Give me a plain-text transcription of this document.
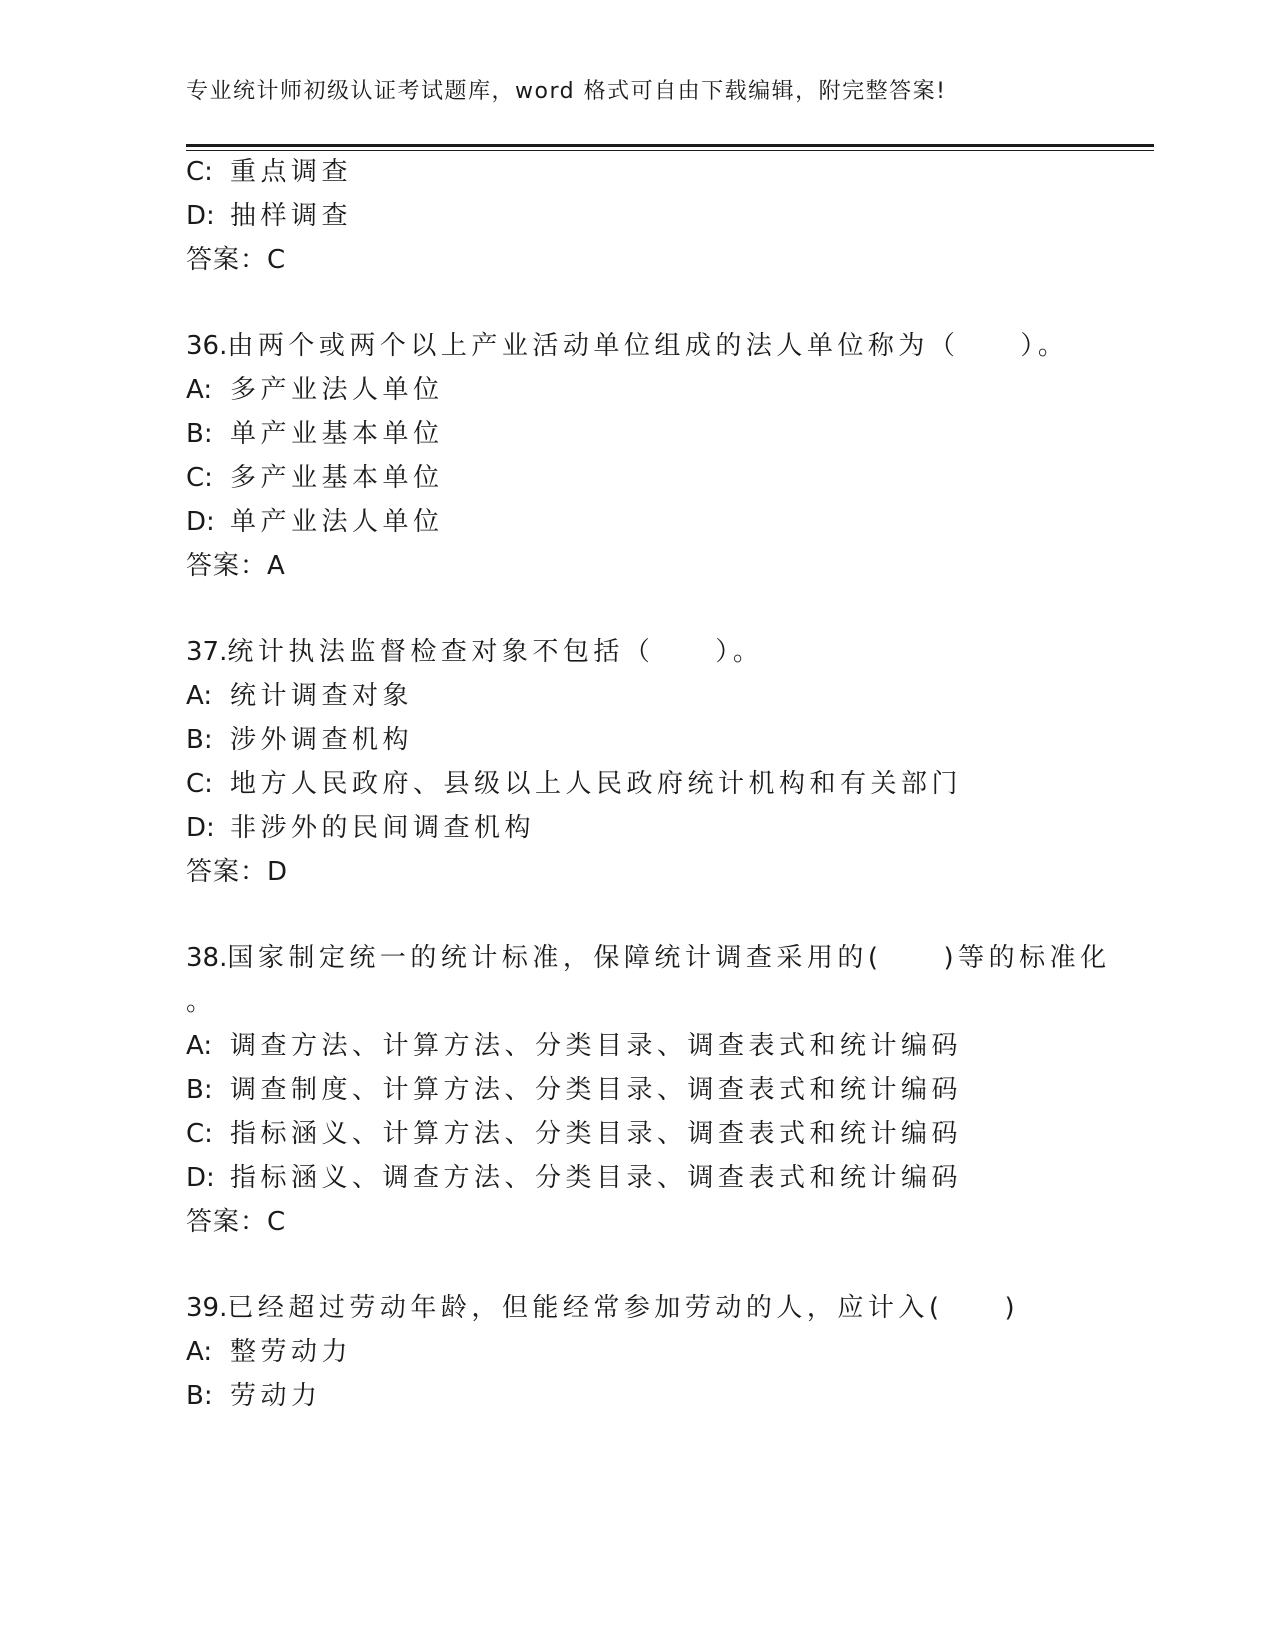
专业统计师初级认证考试题库，word 格式可自由下载编辑，附完整答案!
C: 重点调查
D: 抽样调查
答案：C
36.由两个或两个以上产业活动单位组成的法人单位称为（　　）。
A: 多产业法人单位
B: 单产业基本单位
C: 多产业基本单位
D: 单产业法人单位
答案：A
37.统计执法监督检查对象不包括（　　）。
A: 统计调查对象
B: 涉外调查机构
C: 地方人民政府、县级以上人民政府统计机构和有关部门
D: 非涉外的民间调查机构
答案：D
38.国家制定统一的统计标准，保障统计调查采用的(　　)等的标准化
。
A: 调查方法、计算方法、分类目录、调查表式和统计编码
B: 调查制度、计算方法、分类目录、调查表式和统计编码
C: 指标涵义、计算方法、分类目录、调查表式和统计编码
D: 指标涵义、调查方法、分类目录、调查表式和统计编码
答案：C
39.已经超过劳动年龄，但能经常参加劳动的人，应计入(　　)
A: 整劳动力
B: 劳动力
